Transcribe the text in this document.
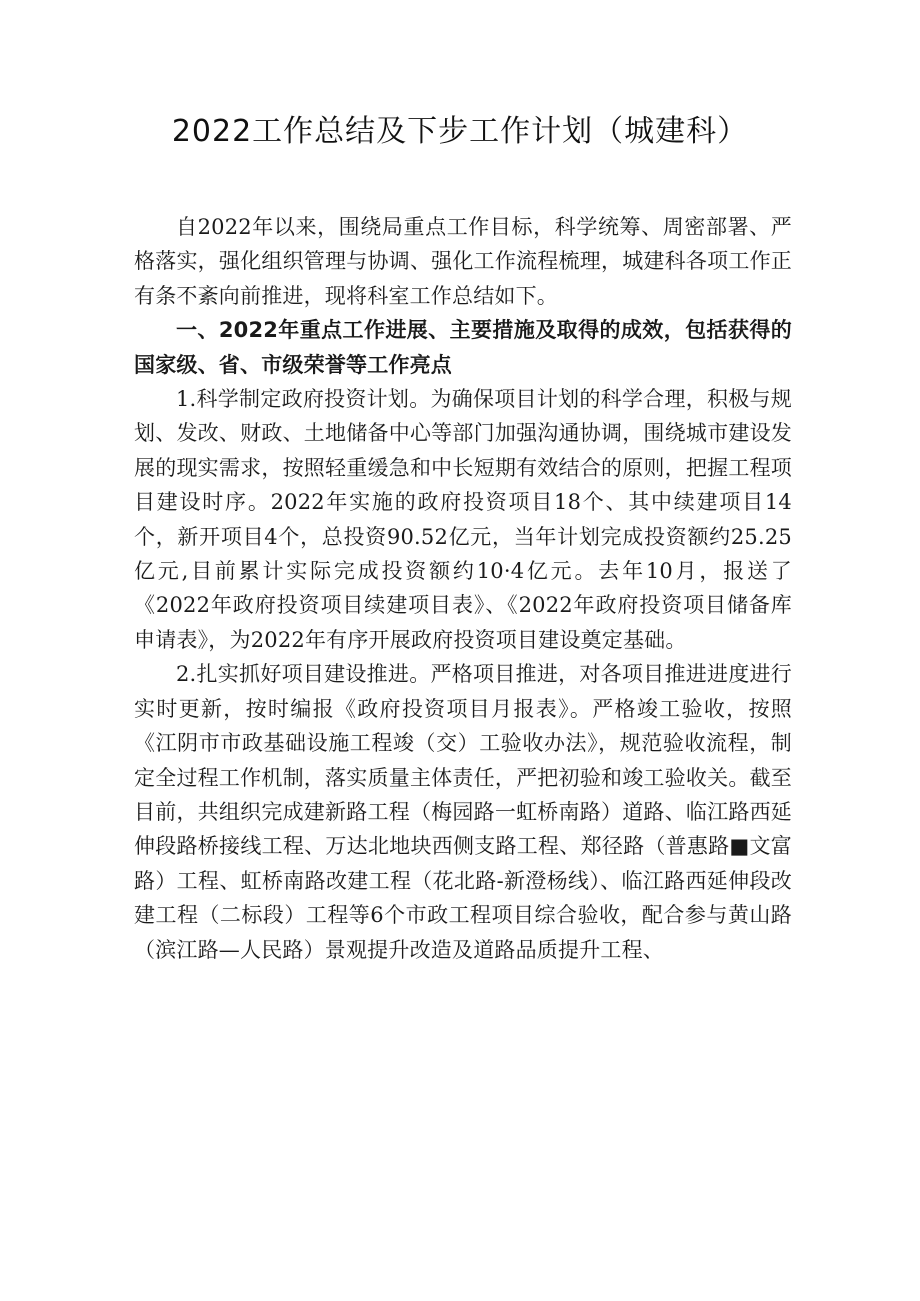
2022工作总结及下步工作计划（城建科）

自2022年以来，围绕局重点工作目标，科学统筹、周密部署、严格落实，强化组织管理与协调、强化工作流程梳理，城建科各项工作正有条不紊向前推进，现将科室工作总结如下。

一、2022年重点工作进展、主要措施及取得的成效，包括获得的国家级、省、市级荣誉等工作亮点

1.科学制定政府投资计划。为确保项目计划的科学合理，积极与规划、发改、财政、土地储备中心等部门加强沟通协调，围绕城市建设发展的现实需求，按照轻重缓急和中长短期有效结合的原则，把握工程项目建设时序。2022年实施的政府投资项目18个、其中续建项目14个，新开项目4个，总投资90.52亿元，当年计划完成投资额约25.25亿元,目前累计实际完成投资额约10·4亿元。去年10月，报送了《2022年政府投资项目续建项目表》、《2022年政府投资项目储备库申请表》，为2022年有序开展政府投资项目建设奠定基础。

2.扎实抓好项目建设推进。严格项目推进，对各项目推进进度进行实时更新，按时编报《政府投资项目月报表》。严格竣工验收，按照《江阴市市政基础设施工程竣（交）工验收办法》，规范验收流程，制定全过程工作机制，落实质量主体责任，严把初验和竣工验收关。截至目前，共组织完成建新路工程（梅园路一虹桥南路）道路、临江路西延伸段路桥接线工程、万达北地块西侧支路工程、郑径路（普惠路■文富路）工程、虹桥南路改建工程（花北路-新澄杨线）、临江路西延伸段改建工程（二标段）工程等6个市政工程项目综合验收，配合参与黄山路（滨江路—人民路）景观提升改造及道路品质提升工程、
